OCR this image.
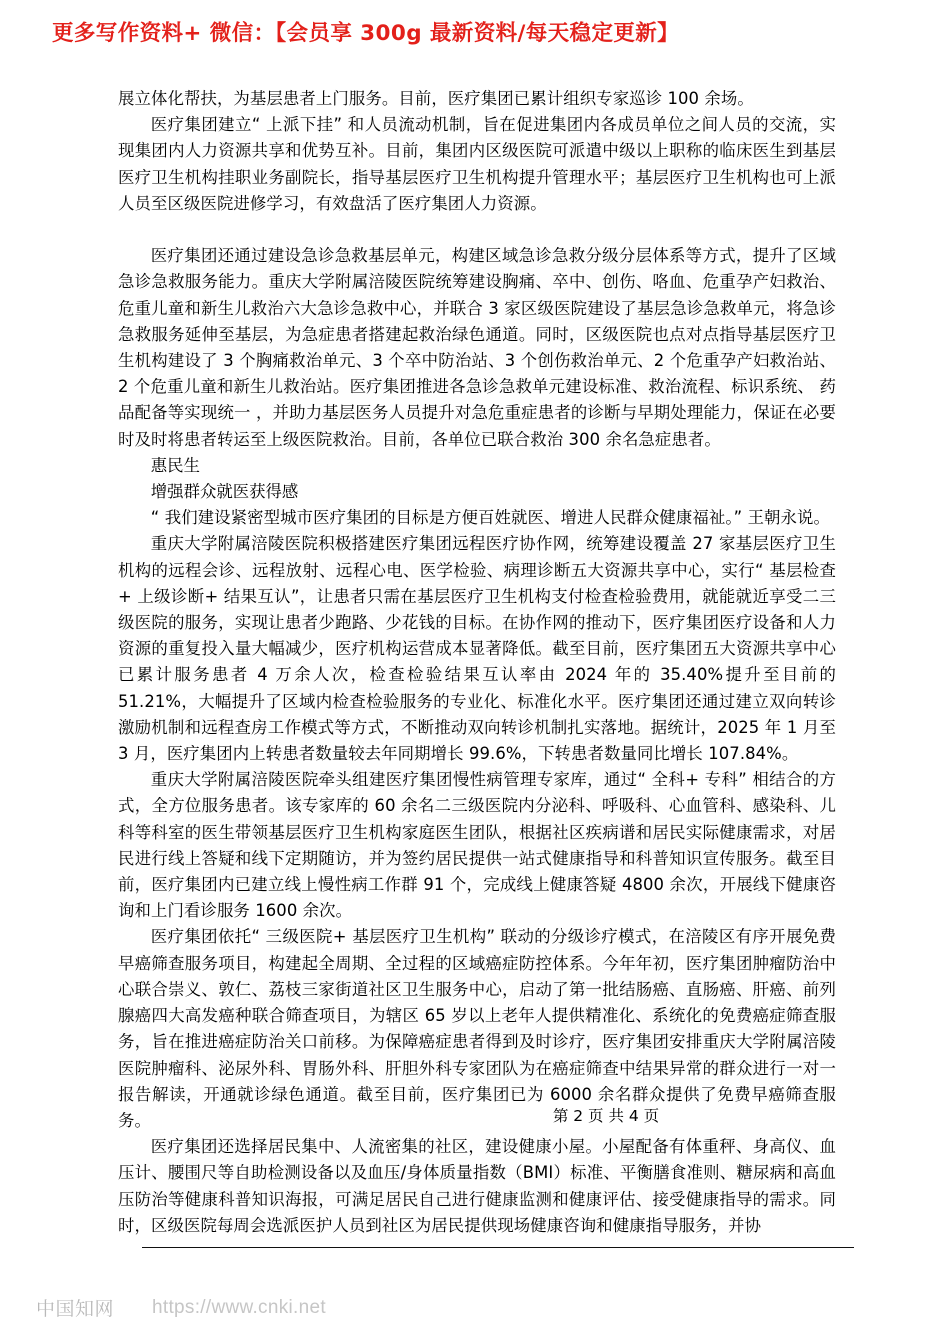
更多写作资料+ 微信：【会员享 300g 最新资料/每天稳定更新】

展立体化帮扶，为基层患者上门服务。目前，医疗集团已累计组织专家巡诊 100 余场。

医疗集团建立“ 上派下挂” 和人员流动机制，旨在促进集团内各成员单位之间人员的交流，实现集团内人力资源共享和优势互补。目前，集团内区级医院可派遣中级以上职称的临床医生到基层医疗卫生机构挂职业务副院长，指导基层医疗卫生机构提升管理水平；基层医疗卫生机构也可上派人员至区级医院进修学习，有效盘活了医疗集团人力资源。

医疗集团还通过建设急诊急救基层单元，构建区域急诊急救分级分层体系等方式，提升了区域急诊急救服务能力。重庆大学附属涪陵医院统筹建设胸痛、卒中、创伤、咯血、危重孕产妇救治、危重儿童和新生儿救治六大急诊急救中心，并联合 3 家区级医院建设了基层急诊急救单元，将急诊急救服务延伸至基层，为急症患者搭建起救治绿色通道。同时，区级医院也点对点指导基层医疗卫生机构建设了 3 个胸痛救治单元、3 个卒中防治站、3 个创伤救治单元、2 个危重孕产妇救治站、2 个危重儿童和新生儿救治站。医疗集团推进各急诊急救单元建设标准、救治流程、标识系统、 药品配备等实现统一 ，并助力基层医务人员提升对急危重症患者的诊断与早期处理能力，保证在必要时及时将患者转运至上级医院救治。目前，各单位已联合救治 300 余名急症患者。

惠民生
增强群众就医获得感

“ 我们建设紧密型城市医疗集团的目标是方便百姓就医、增进人民群众健康福祉。” 王朝永说。

重庆大学附属涪陵医院积极搭建医疗集团远程医疗协作网，统筹建设覆盖 27 家基层医疗卫生机构的远程会诊、远程放射、远程心电、医学检验、病理诊断五大资源共享中心，实行“ 基层检查+ 上级诊断+ 结果互认”，让患者只需在基层医疗卫生机构支付检查检验费用，就能就近享受二三级医院的服务，实现让患者少跑路、少花钱的目标。在协作网的推动下，医疗集团医疗设备和人力资源的重复投入量大幅减少，医疗机构运营成本显著降低。截至目前，医疗集团五大资源共享中心已累计服务患者 4 万余人次，检查检验结果互认率由 2024 年的 35.40%提升至目前的 51.21%，大幅提升了区域内检查检验服务的专业化、标准化水平。医疗集团还通过建立双向转诊激励机制和远程查房工作模式等方式，不断推动双向转诊机制扎实落地。据统计，2025 年 1 月至 3 月，医疗集团内上转患者数量较去年同期增长 99.6%，下转患者数量同比增长 107.84%。

重庆大学附属涪陵医院牵头组建医疗集团慢性病管理专家库，通过“ 全科+ 专科” 相结合的方式，全方位服务患者。该专家库的 60 余名二三级医院内分泌科、呼吸科、心血管科、感染科、儿科等科室的医生带领基层医疗卫生机构家庭医生团队，根据社区疾病谱和居民实际健康需求，对居民进行线上答疑和线下定期随访，并为签约居民提供一站式健康指导和科普知识宣传服务。截至目前，医疗集团内已建立线上慢性病工作群 91 个，完成线上健康答疑 4800 余次，开展线下健康咨询和上门看诊服务 1600 余次。

医疗集团依托“ 三级医院+ 基层医疗卫生机构” 联动的分级诊疗模式，在涪陵区有序开展免费早癌筛查服务项目，构建起全周期、全过程的区域癌症防控体系。今年年初，医疗集团肿瘤防治中心联合崇义、敦仁、荔枝三家街道社区卫生服务中心，启动了第一批结肠癌、直肠癌、肝癌、前列腺癌四大高发癌种联合筛查项目，为辖区 65 岁以上老年人提供精准化、系统化的免费癌症筛查服务，旨在推进癌症防治关口前移。为保障癌症患者得到及时诊疗，医疗集团安排重庆大学附属涪陵医院肿瘤科、泌尿外科、胃肠外科、肝胆外科专家团队为在癌症筛查中结果异常的群众进行一对一报告解读，开通就诊绿色通道。截至目前，医疗集团已为 6000 余名群众提供了免费早癌筛查服务。

医疗集团还选择居民集中、人流密集的社区，建设健康小屋。小屋配备有体重秤、身高仪、血压计、腰围尺等自助检测设备以及血压/身体质量指数（BMI）标准、平衡膳食准则、糖尿病和高血压防治等健康科普知识海报，可满足居民自己进行健康监测和健康评估、接受健康指导的需求。同时，区级医院每周会选派医护人员到社区为居民提供现场健康咨询和健康指导服务，并协

第 2 页 共 4 页
中国知网 https://www.cnki.net
